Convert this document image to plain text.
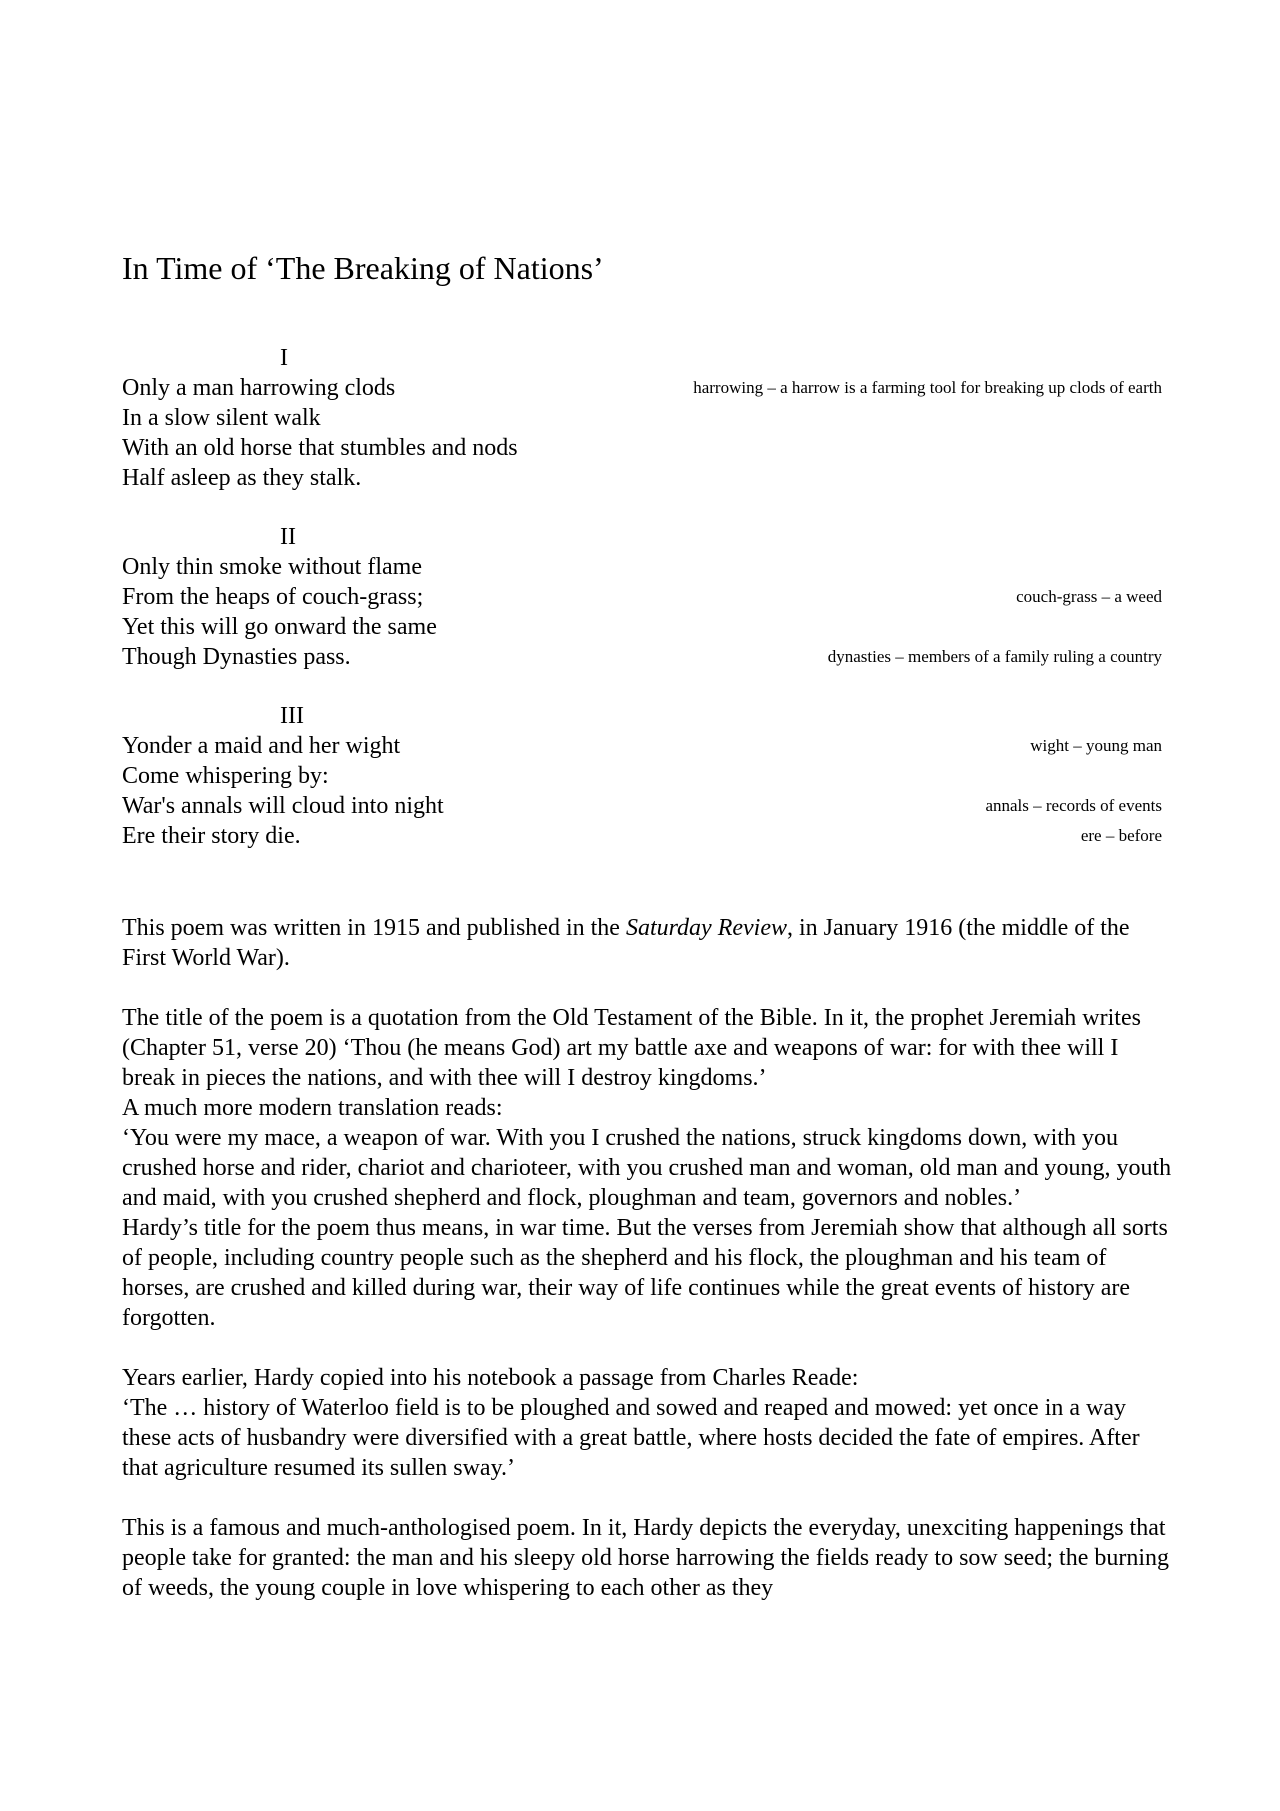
In Time of ‘The Breaking of Nations’
I
Only a man harrowing clods	harrowing – a harrow is a farming tool for breaking up clods of earth
In a slow silent walk
With an old horse that stumbles and nods
Half asleep as they stalk.
II
Only thin smoke without flame
From the heaps of couch-grass;	couch-grass – a weed
Yet this will go onward the same
Though Dynasties pass.	dynasties – members of a family ruling a country
III
Yonder a maid and her wight	wight – young man
Come whispering by:
War's annals will cloud into night	annals – records of events
Ere their story die.	ere – before

This poem was written in 1915 and published in the Saturday Review, in January 1916 (the middle of the First World War).

The title of the poem is a quotation from the Old Testament of the Bible. In it, the prophet Jeremiah writes (Chapter 51, verse 20) ‘Thou (he means God) art my battle axe and weapons of war: for with thee will I break in pieces the nations, and with thee will I destroy kingdoms.’

A much more modern translation reads:

‘You were my mace, a weapon of war. With you I crushed the nations, struck kingdoms down, with you crushed horse and rider, chariot and charioteer, with you crushed man and woman, old man and young, youth and maid, with you crushed shepherd and flock, ploughman and team, governors and nobles.’

Hardy’s title for the poem thus means, in war time. But the verses from Jeremiah show that although all sorts of people, including country people such as the shepherd and his flock, the ploughman and his team of horses, are crushed and killed during war, their way of life continues while the great events of history are forgotten.

Years earlier, Hardy copied into his notebook a passage from Charles Reade:

‘The … history of Waterloo field is to be ploughed and sowed and reaped and mowed: yet once in a way these acts of husbandry were diversified with a great battle, where hosts decided the fate of empires. After that agriculture resumed its sullen sway.’

This is a famous and much-anthologised poem. In it, Hardy depicts the everyday, unexciting happenings that people take for granted: the man and his sleepy old horse harrowing the fields ready to sow seed; the burning of weeds, the young couple in love whispering to each other as they
